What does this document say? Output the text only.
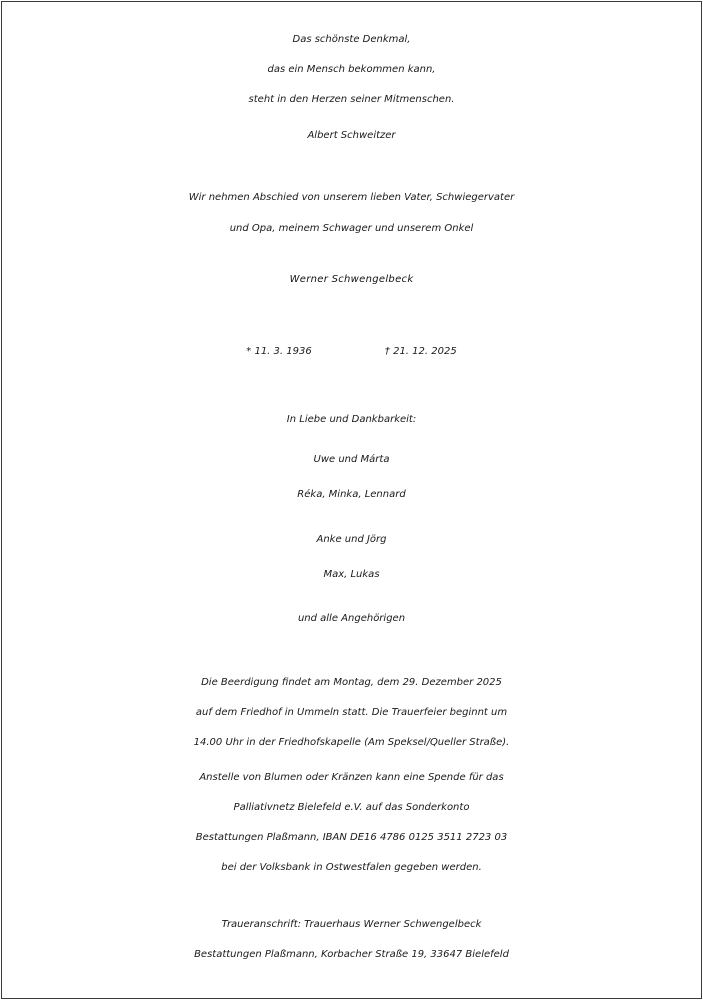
Das schönste Denkmal,
das ein Mensch bekommen kann,
steht in den Herzen seiner Mitmenschen.
Albert Schweitzer
Wir nehmen Abschied von unserem lieben Vater, Schwiegervater
und Opa, meinem Schwager und unserem Onkel
Werner Schwengelbeck
* 11. 3. 1936	† 21. 12. 2025
In Liebe und Dankbarkeit:
Uwe und Márta
Réka, Minka, Lennard
Anke und Jörg
Max, Lukas
und alle Angehörigen
Die Beerdigung findet am Montag, dem 29. Dezember 2025
auf dem Friedhof in Ummeln statt. Die Trauerfeier beginnt um
14.00 Uhr in der Friedhofskapelle (Am Speksel/Queller Straße).
Anstelle von Blumen oder Kränzen kann eine Spende für das
Palliativnetz Bielefeld e.V. auf das Sonderkonto
Bestattungen Plaßmann, IBAN DE16 4786 0125 3511 2723 03
bei der Volksbank in Ostwestfalen gegeben werden.
Traueranschrift: Trauerhaus Werner Schwengelbeck
Bestattungen Plaßmann, Korbacher Straße 19, 33647 Bielefeld
